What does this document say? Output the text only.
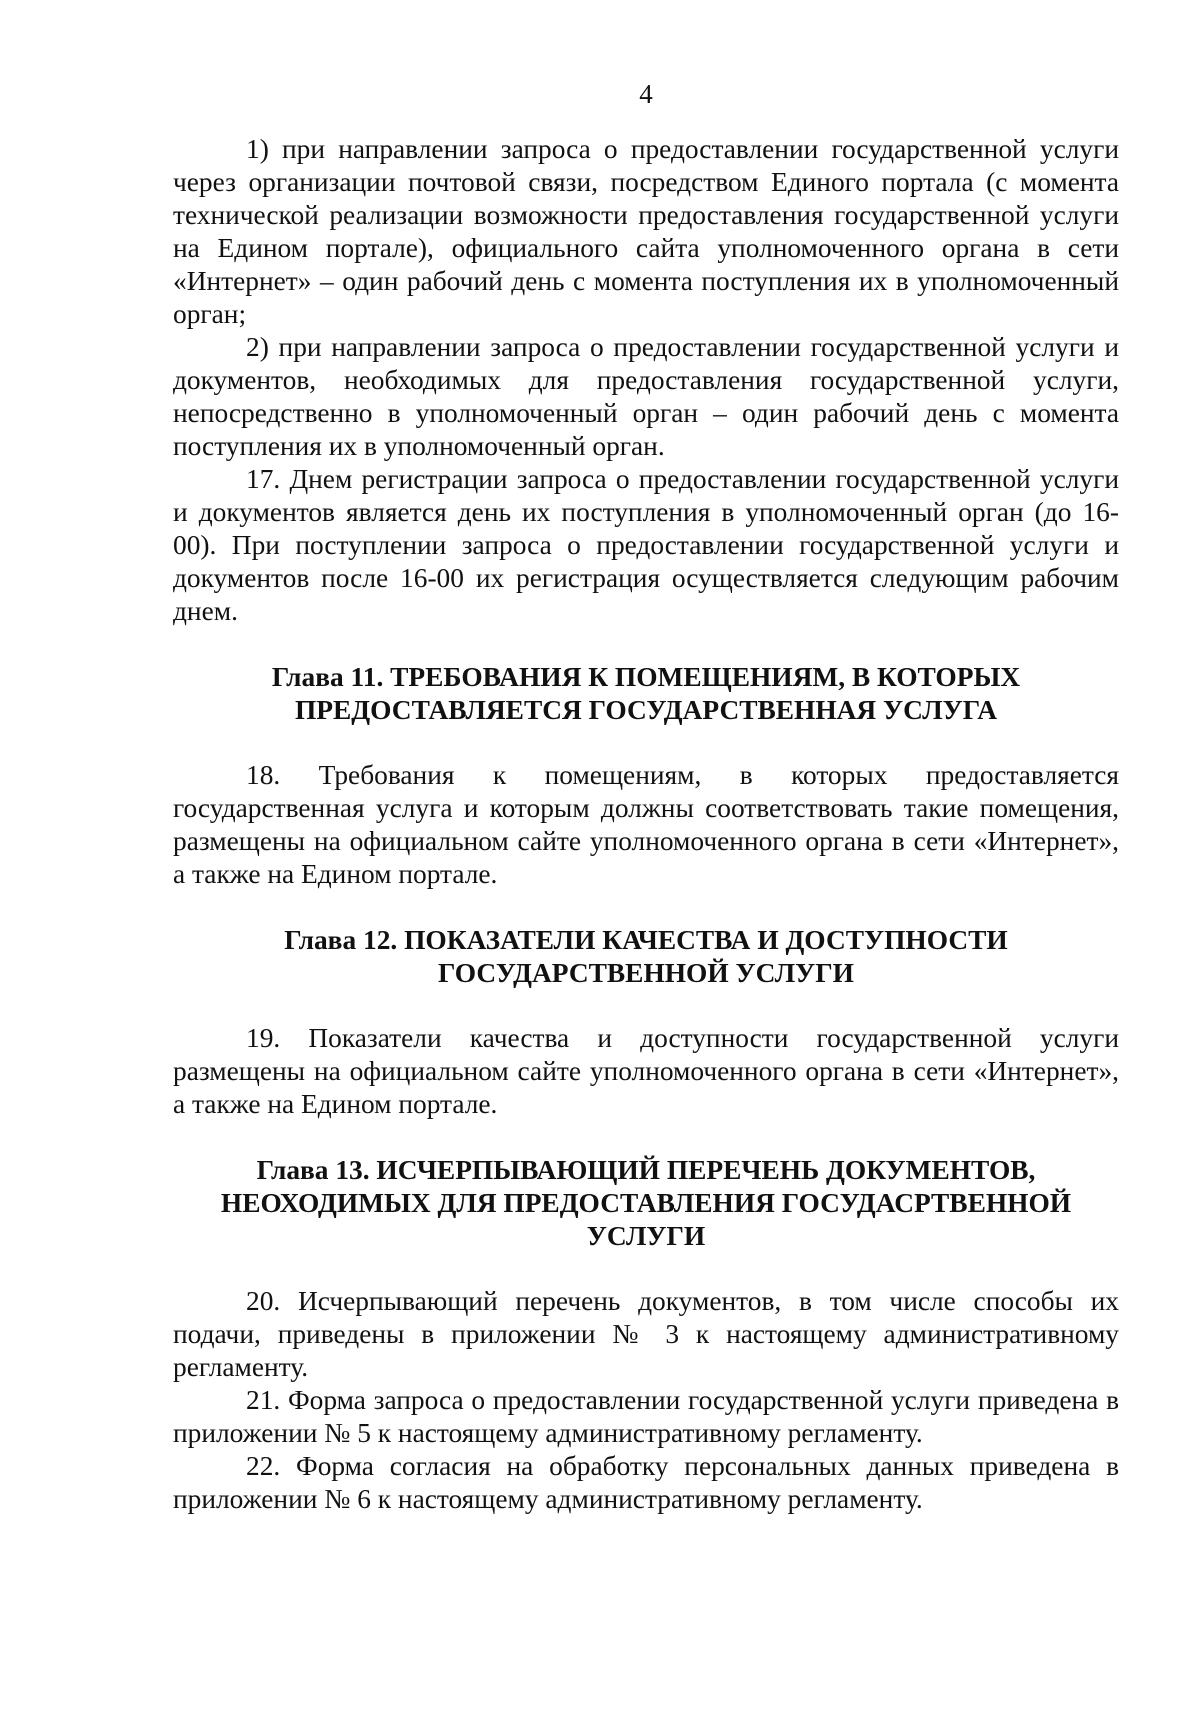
4

1) при направлении запроса о предоставлении государственной услуги через организации почтовой связи, посредством Единого портала (с момента технической реализации возможности предоставления государственной услуги на Едином портале), официального сайта уполномоченного органа в сети «Интернет» – один рабочий день с момента поступления их в уполномоченный орган;

2) при направлении запроса о предоставлении государственной услуги и документов, необходимых для предоставления государственной услуги, непосредственно в уполномоченный орган – один рабочий день с момента поступления их в уполномоченный орган.

17. Днем регистрации запроса о предоставлении государственной услуги и документов является день их поступления в уполномоченный орган (до 16-00). При поступлении запроса о предоставлении государственной услуги и документов после 16-00 их регистрация осуществляется следующим рабочим днем.

Глава 11. ТРЕБОВАНИЯ К ПОМЕЩЕНИЯМ, В КОТОРЫХ
ПРЕДОСТАВЛЯЕТСЯ ГОСУДАРСТВЕННАЯ УСЛУГА

18. Требования к помещениям, в которых предоставляется государственная услуга и которым должны соответствовать такие помещения, размещены на официальном сайте уполномоченного органа в сети «Интернет», а также на Едином портале.

Глава 12. ПОКАЗАТЕЛИ КАЧЕСТВА И ДОСТУПНОСТИ
ГОСУДАРСТВЕННОЙ УСЛУГИ

19. Показатели качества и доступности государственной услуги размещены на официальном сайте уполномоченного органа в сети «Интернет», а также на Едином портале.

Глава 13. ИСЧЕРПЫВАЮЩИЙ ПЕРЕЧЕНЬ ДОКУМЕНТОВ,
НЕОХОДИМЫХ ДЛЯ ПРЕДОСТАВЛЕНИЯ ГОСУДАСРТВЕННОЙ
УСЛУГИ

20. Исчерпывающий перечень документов, в том числе способы их подачи, приведены в приложении № 3 к настоящему административному регламенту.

21. Форма запроса о предоставлении государственной услуги приведена в приложении № 5 к настоящему административному регламенту.

22. Форма согласия на обработку персональных данных приведена в приложении № 6 к настоящему административному регламенту.
